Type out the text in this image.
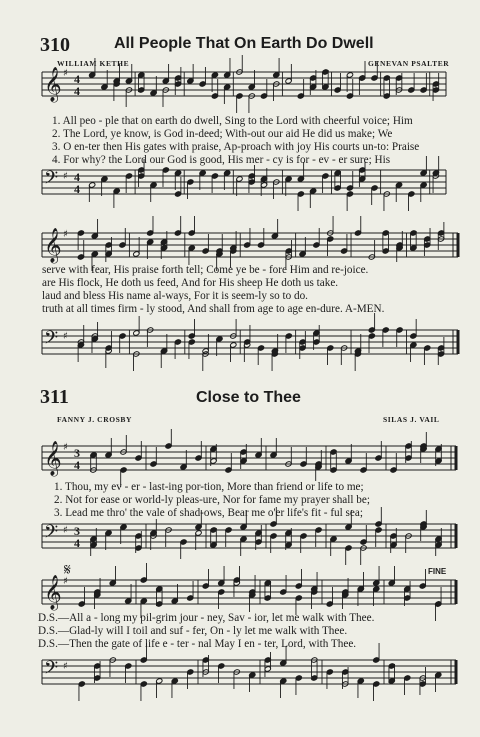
310	All People That On Earth Do Dwell
WILLIAM KETHE	GENEVAN PSALTER
𝄞 ♯ 4
4
1. All peo - ple that on earth do dwell, Sing to the Lord with cheerful voice; Him
2. The Lord, ye know, is God in-deed; With-out our aid He did us make; We
3. O en-ter then His gates with praise, Ap-proach with joy His courts un-to: Praise
4. For why? the Lord our God is good, His mer - cy is for - ev - er sure; His
𝄢 ♯ 4
4
𝄞 ♯
serve with fear, His praise forth tell; Come ye be - fore Him and re-joice.
are His flock, He doth us feed, And for His sheep He doth us take.
laud and bless His name al-ways, For it is seem-ly so to do.
truth at all times firm - ly stood, And shall from age to age en-dure. A-MEN.
𝄢 ♯
311	Close to Thee
FANNY J. CROSBY	SILAS J. VAIL
𝄞 ♯ 3
4
1. Thou, my ev - er - last-ing por-tion, More than friend or life to me;
2. Not for ease or world-ly pleas-ure, Nor for fame my prayer shall be;
3. Lead me thro' the vale of shad-ows, Bear me o'er life's fit - ful sea;
𝄢 ♯ 3
4
FINE
𝄋
𝄞 ♯
D.S.—All a - long my pil-grim jour - ney, Sav - ior, let me walk with Thee.
D.S.—Glad-ly will I toil and suf - fer, On - ly let me walk with Thee.
D.S.—Then the gate of life e - ter - nal May I en - ter, Lord, with Thee.
𝄢 ♯
